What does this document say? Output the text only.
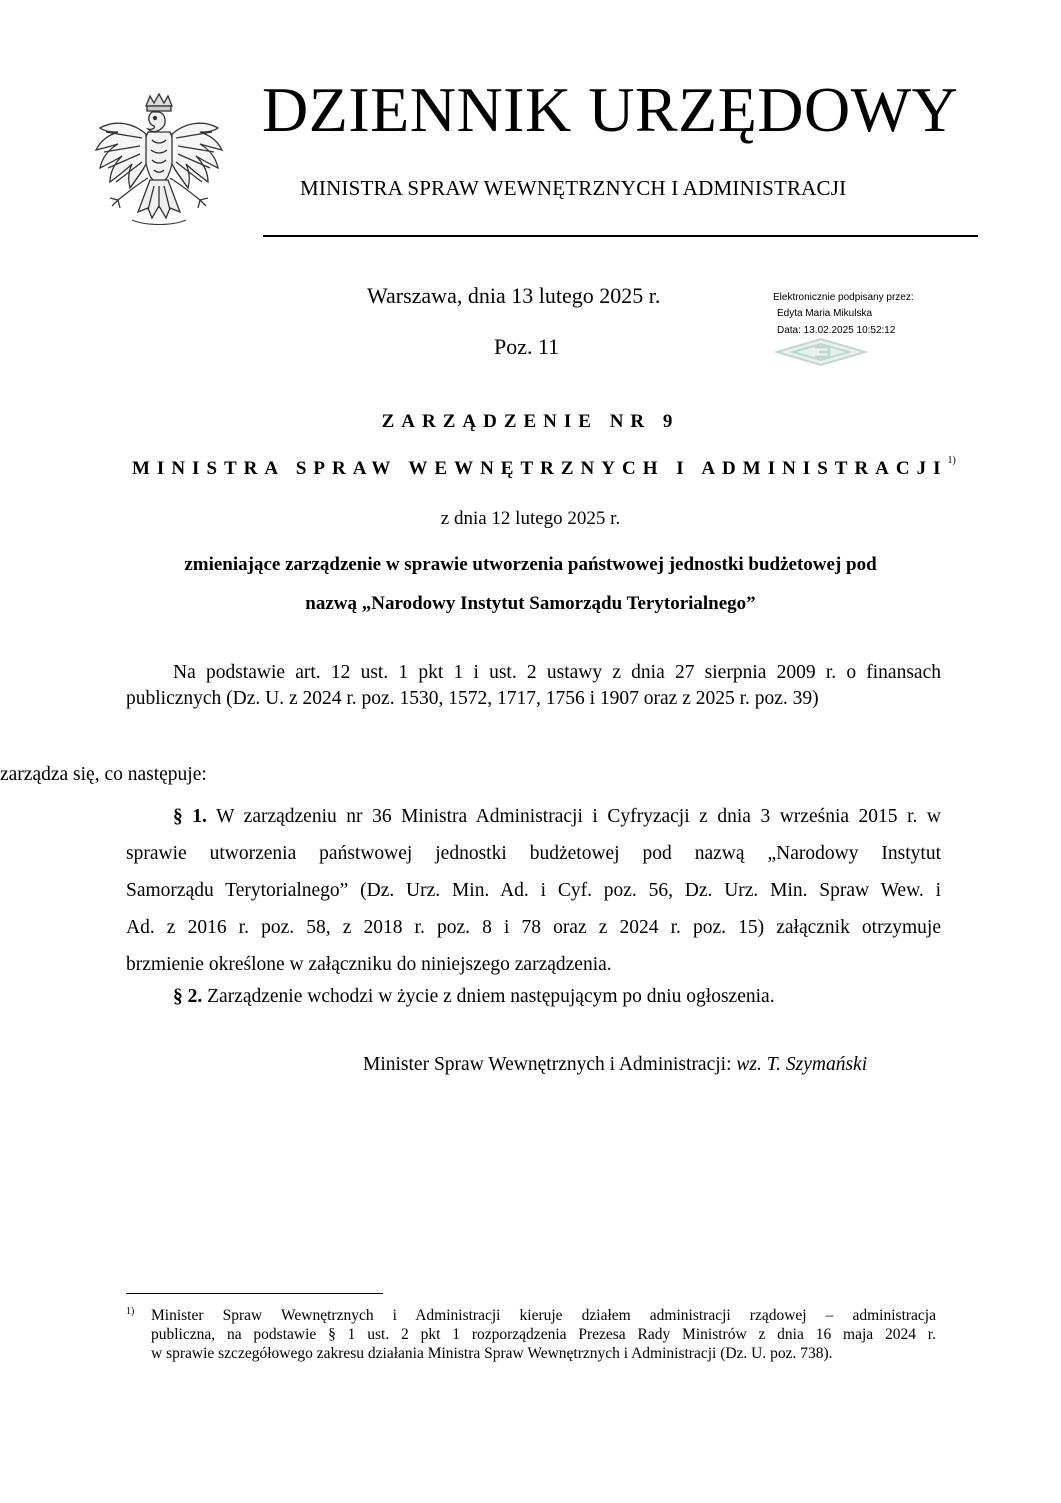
DZIENNIK URZĘDOWY
MINISTRA SPRAW WEWNĘTRZNYCH I ADMINISTRACJI
Warszawa, dnia 13 lutego 2025 r.
Poz. 11
Elektronicznie podpisany przez:
Edyta Maria Mikulska
Data: 13.02.2025 10:52:12
ZARZĄDZENIE NR 9
MINISTRA SPRAW WEWNĘTRZNYCH I ADMINISTRACJI$^{1)}$
z dnia 12 lutego 2025 r.
zmieniające zarządzenie w sprawie utworzenia państwowej jednostki budżetowej pod
nazwą „Narodowy Instytut Samorządu Terytorialnego”
Na podstawie art. 12 ust. 1 pkt 1 i ust. 2 ustawy z dnia 27 sierpnia 2009 r. o finansach
publicznych (Dz. U. z 2024 r. poz. 1530, 1572, 1717, 1756 i 1907 oraz z 2025 r. poz. 39)
zarządza się, co następuje:
§ 1. W zarządzeniu nr 36 Ministra Administracji i Cyfryzacji z dnia 3 września 2015 r. w
sprawie utworzenia państwowej jednostki budżetowej pod nazwą „Narodowy Instytut
Samorządu Terytorialnego” (Dz. Urz. Min. Ad. i Cyf. poz. 56, Dz. Urz. Min. Spraw Wew. i
Ad. z 2016 r. poz. 58, z 2018 r. poz. 8 i 78 oraz z 2024 r. poz. 15) załącznik otrzymuje
brzmienie określone w załączniku do niniejszego zarządzenia.
§ 2. Zarządzenie wchodzi w życie z dniem następującym po dniu ogłoszenia.
Minister Spraw Wewnętrznych i Administracji: wz. T. Szymański
1) Minister Spraw Wewnętrznych i Administracji kieruje działem administracji rządowej – administracja
publiczna, na podstawie § 1 ust. 2 pkt 1 rozporządzenia Prezesa Rady Ministrów z dnia 16 maja 2024 r.
w sprawie szczegółowego zakresu działania Ministra Spraw Wewnętrznych i Administracji (Dz. U. poz. 738).
